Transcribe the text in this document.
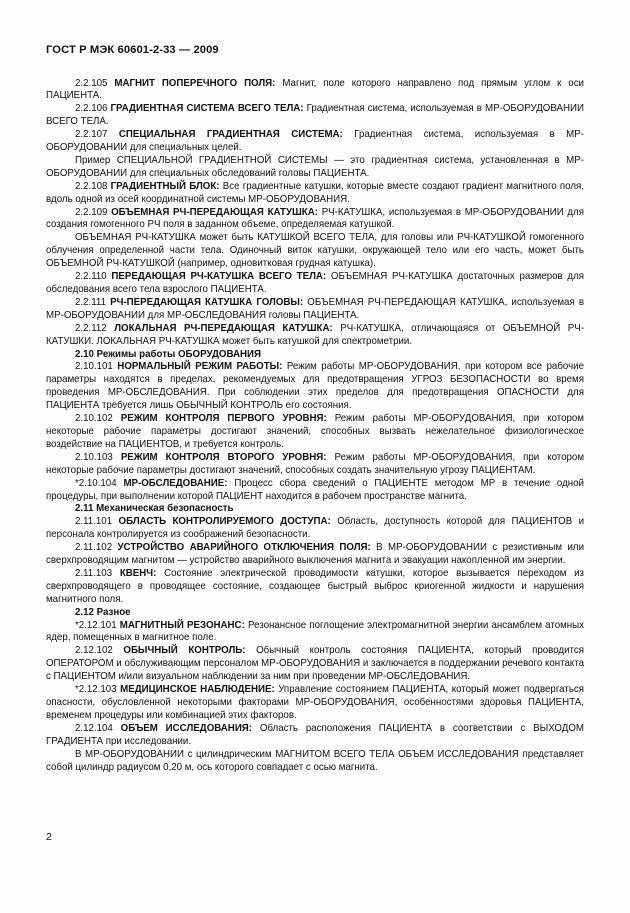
ГОСТ Р МЭК 60601-2-33 — 2009

2.2.105 МАГНИТ ПОПЕРЕЧНОГО ПОЛЯ: Магнит, поле которого направлено под прямым углом к оси ПАЦИЕНТА.

2.2.106 ГРАДИЕНТНАЯ СИСТЕМА ВСЕГО ТЕЛА: Градиентная система, используемая в МР-ОБОРУДОВАНИИ ВСЕГО ТЕЛА.

2.2.107 СПЕЦИАЛЬНАЯ ГРАДИЕНТНАЯ СИСТЕМА: Градиентная система, используемая в МР-ОБОРУДОВАНИИ для специальных целей.

Пример СПЕЦИАЛЬНОЙ ГРАДИЕНТНОЙ СИСТЕМЫ — это градиентная система, установленная в МР-ОБОРУДОВАНИИ для специальных обследований головы ПАЦИЕНТА.

2.2.108 ГРАДИЕНТНЫЙ БЛОК: Все градиентные катушки, которые вместе создают градиент магнитного поля, вдоль одной из осей координатной системы МР-ОБОРУДОВАНИЯ.

2.2.109 ОБЪЕМНАЯ РЧ-ПЕРЕДАЮЩАЯ КАТУШКА: РЧ-КАТУШКА, используемая в МР-ОБОРУДОВАНИИ для создания гомогенного РЧ поля в заданном объеме, определяемая катушкой.

ОБЪЕМНАЯ РЧ-КАТУШКА может быть КАТУШКОЙ ВСЕГО ТЕЛА, для головы или РЧ-КАТУШКОЙ гомогенного облучения определенной части тела. Одиночный виток катушки, окружающей тело или его часть, может быть ОБЪЕМНОЙ РЧ-КАТУШКОЙ (например, одновитковая грудная катушка).

2.2.110 ПЕРЕДАЮЩАЯ РЧ-КАТУШКА ВСЕГО ТЕЛА: ОБЪЕМНАЯ РЧ-КАТУШКА достаточных размеров для обследования всего тела взрослого ПАЦИЕНТА.

2.2.111 РЧ-ПЕРЕДАЮЩАЯ КАТУШКА ГОЛОВЫ: ОБЪЕМНАЯ РЧ-ПЕРЕДАЮЩАЯ КАТУШКА, используемая в МР-ОБОРУДОВАНИИ для МР-ОБСЛЕДОВАНИЯ головы ПАЦИЕНТА.

2.2.112 ЛОКАЛЬНАЯ РЧ-ПЕРЕДАЮЩАЯ КАТУШКА: РЧ-КАТУШКА, отличающаяся от ОБЪЕМНОЙ РЧ-КАТУШКИ. ЛОКАЛЬНАЯ РЧ-КАТУШКА может быть катушкой для спектрометрии.

2.10 Режимы работы ОБОРУДОВАНИЯ

2.10.101 НОРМАЛЬНЫЙ РЕЖИМ РАБОТЫ: Режим работы МР-ОБОРУДОВАНИЯ, при котором все рабочие параметры находятся в пределах, рекомендуемых для предотвращения УГРОЗ БЕЗОПАСНОСТИ во время проведения МР-ОБСЛЕДОВАНИЯ. При соблюдении этих пределов для предотвращения ОПАСНОСТИ для ПАЦИЕНТА требуется лишь ОБЫЧНЫЙ КОНТРОЛЬ его состояния.

2.10.102 РЕЖИМ КОНТРОЛЯ ПЕРВОГО УРОВНЯ: Режим работы МР-ОБОРУДОВАНИЯ, при котором некоторые рабочие параметры достигают значений, способных вызвать нежелательное физиологическое воздействие на ПАЦИЕНТОВ, и требуется контроль.

2.10.103 РЕЖИМ КОНТРОЛЯ ВТОРОГО УРОВНЯ: Режим работы МР-ОБОРУДОВАНИЯ, при котором некоторые рабочие параметры достигают значений, способных создать значительную угрозу ПАЦИЕНТАМ.

*2.10.104 МР-ОБСЛЕДОВАНИЕ: Процесс сбора сведений о ПАЦИЕНТЕ методом МР в течение одной процедуры, при выполнении которой ПАЦИЕНТ находится в рабочем пространстве магнита.

2.11 Механическая безопасность

2.11.101 ОБЛАСТЬ КОНТРОЛИРУЕМОГО ДОСТУПА: Область, доступность которой для ПАЦИЕНТОВ и персонала контролируется из соображений безопасности.

2.11.102 УСТРОЙСТВО АВАРИЙНОГО ОТКЛЮЧЕНИЯ ПОЛЯ: В МР-ОБОРУДОВАНИИ с резистивным или сверхпроводящим магнитом — устройство аварийного выключения магнита и эвакуации накопленной им энергии.

2.11.103 КВЕНЧ: Состояние электрической проводимости катушки, которое вызывается переходом из сверхпроводящего в проводящее состояние, создающее быстрый выброс криогенной жидкости и нарушения магнитного поля.

2.12 Разное

*2.12.101 МАГНИТНЫЙ РЕЗОНАНС: Резонансное поглощение электромагнитной энергии ансамблем атомных ядер, помещенных в магнитное поле.

2.12.102 ОБЫЧНЫЙ КОНТРОЛЬ: Обычный контроль состояния ПАЦИЕНТА, который проводится ОПЕРАТОРОМ и обслуживающим персоналом МР-ОБОРУДОВАНИЯ и заключается в поддержании речевого контакта с ПАЦИЕНТОМ и/или визуальном наблюдении за ним при проведении МР-ОБСЛЕДОВАНИЯ.

*2.12.103 МЕДИЦИНСКОЕ НАБЛЮДЕНИЕ: Управление состоянием ПАЦИЕНТА, который может подвергаться опасности, обусловленной некоторыми факторами МР-ОБОРУДОВАНИЯ, особенностями здоровья ПАЦИЕНТА, временем процедуры или комбинацией этих факторов.

2.12.104 ОБЪЕМ ИССЛЕДОВАНИЯ: Область расположения ПАЦИЕНТА в соответствии с ВЫХОДОМ ГРАДИЕНТА при исследовании.

В МР-ОБОРУДОВАНИИ с цилиндрическим МАГНИТОМ ВСЕГО ТЕЛА ОБЪЕМ ИССЛЕДОВАНИЯ представляет собой цилиндр радиусом 0,20 м, ось которого совпадает с осью магнита.

2
